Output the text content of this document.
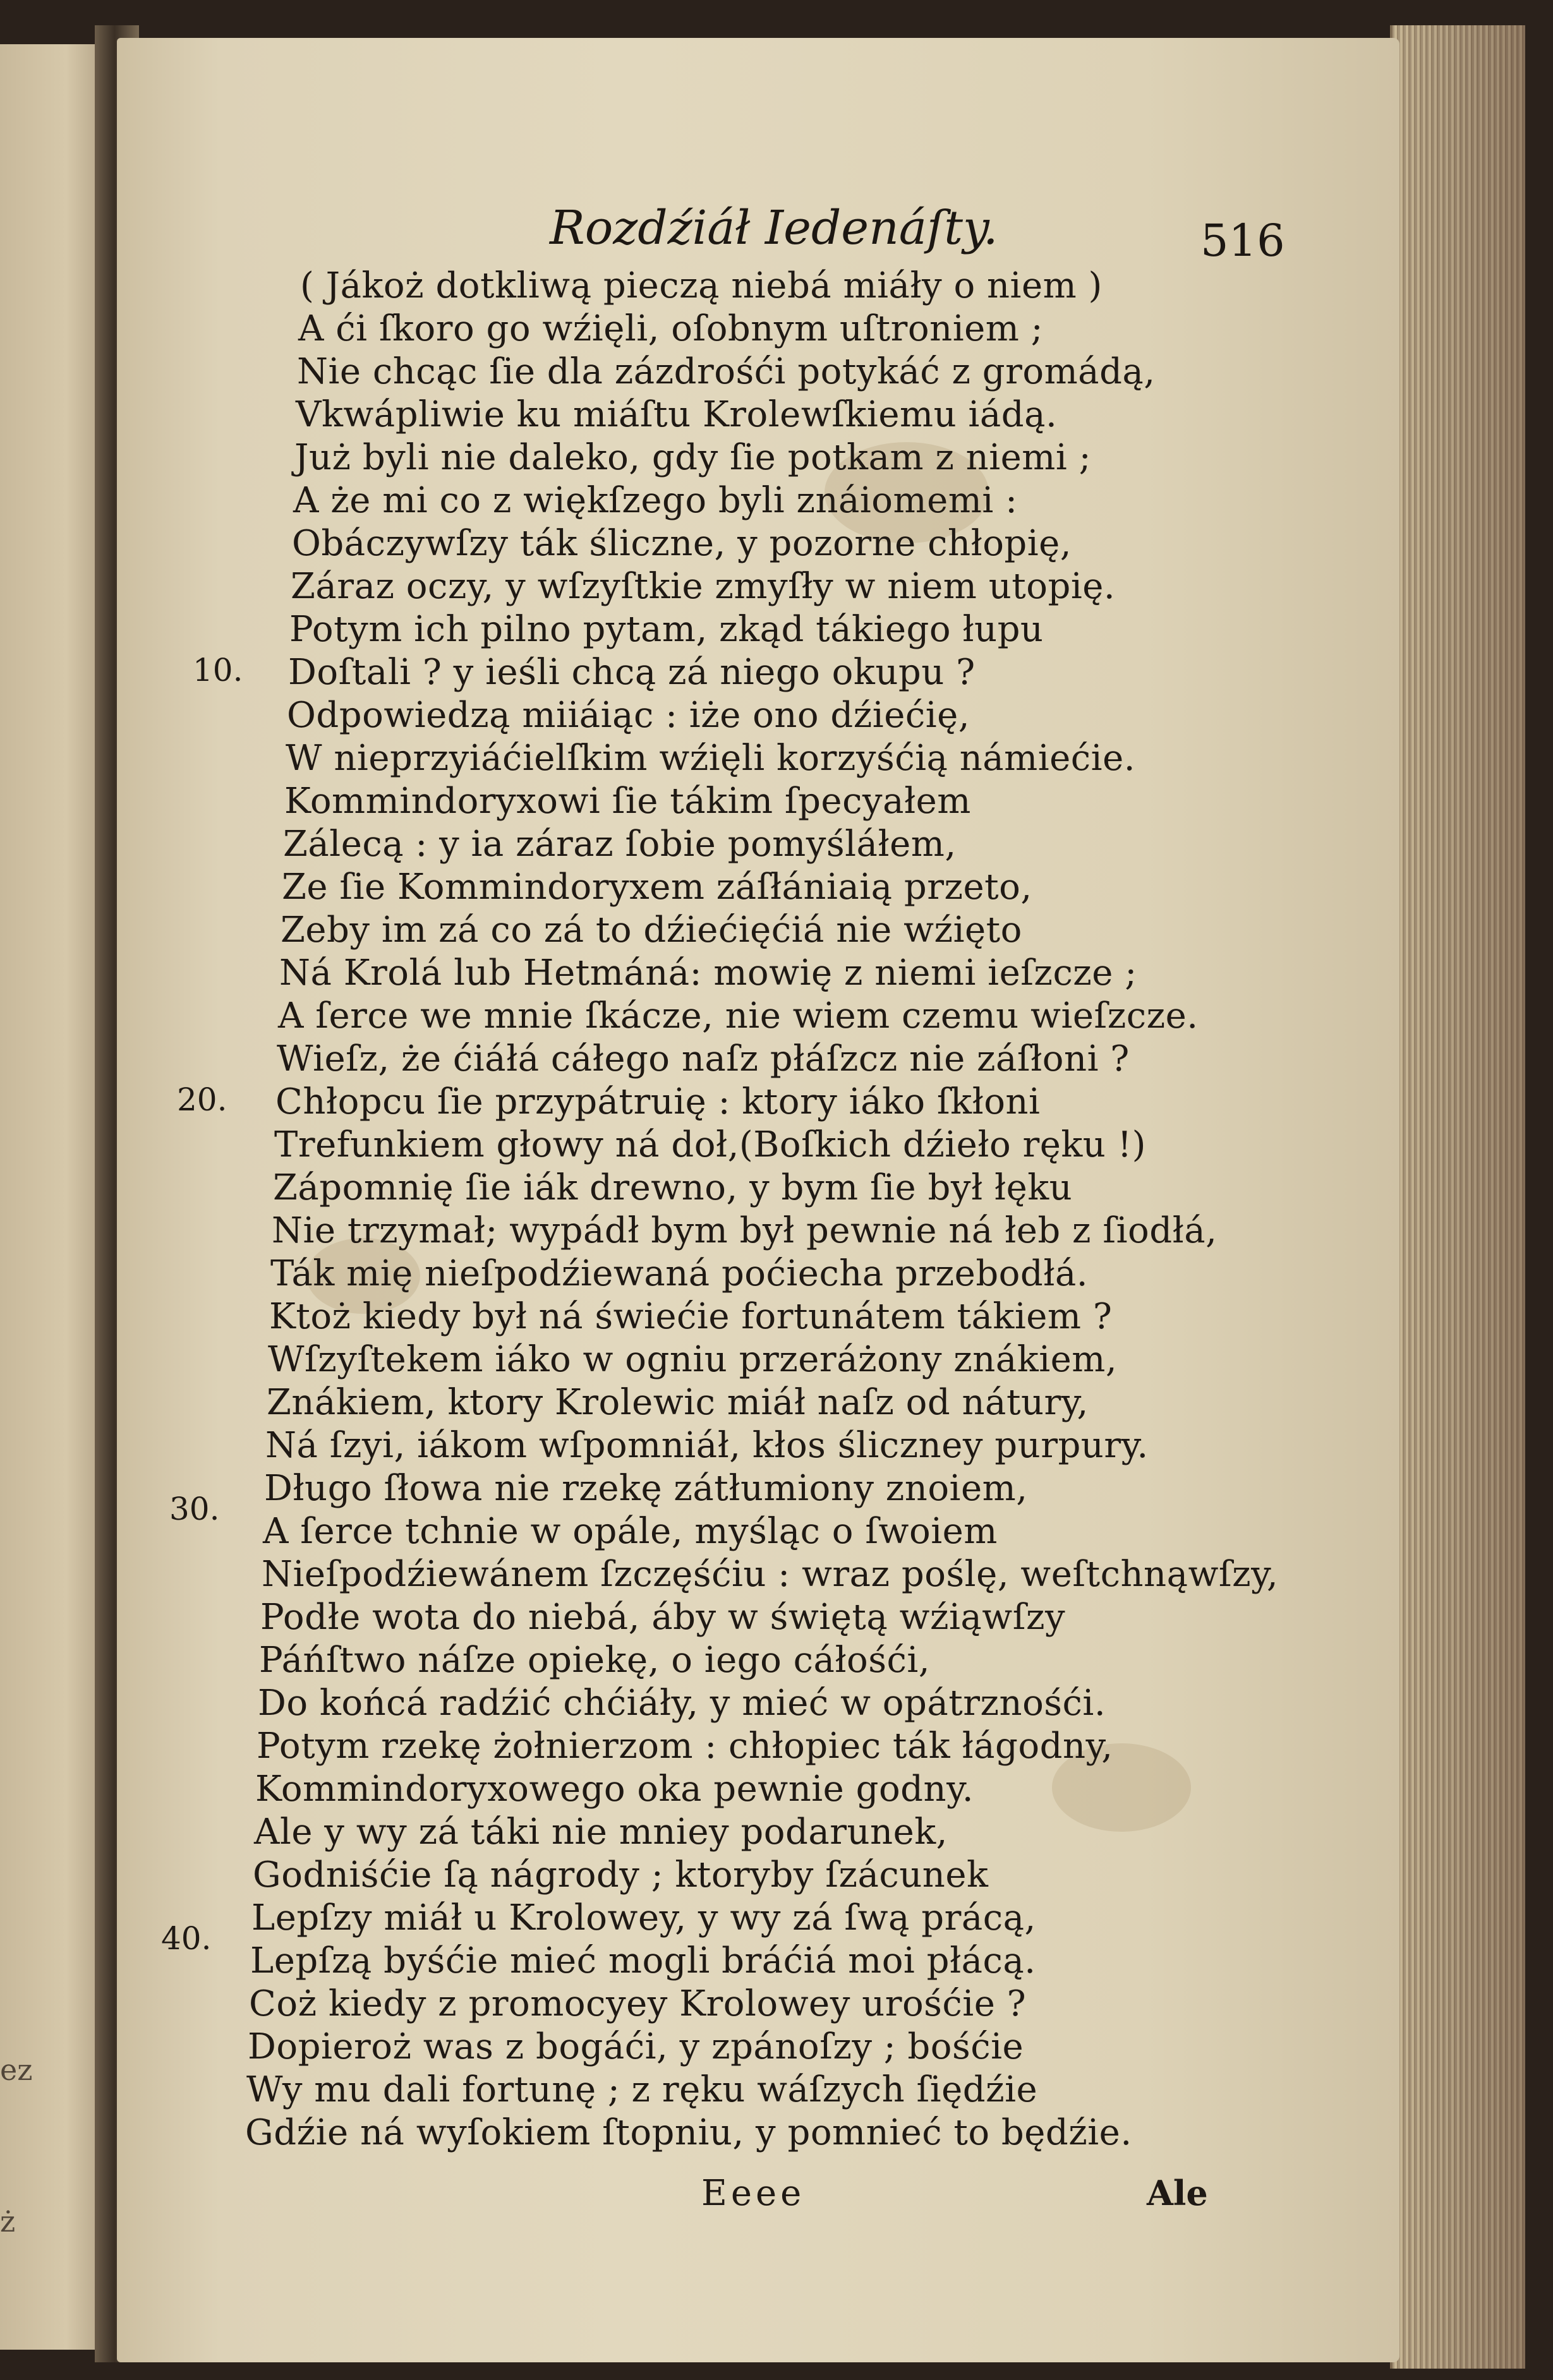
ez
ż
Rozdźiáł Iedenáſty.	516
( Jákoż dotkliwą pieczą niebá miáły o niem )
A ći ſkoro go wźięli, oſobnym uſtroniem ;
Nie chcąc ſie dla zázdrośći potykáć z gromádą,
Vkwápliwie ku miáſtu Krolewſkiemu iádą.
Już byli nie daleko, gdy ſie potkam z niemi ;
A że mi co z więkſzego byli znáiomemi :
Obáczywſzy ták śliczne, y pozorne chłopię,
Záraz oczy, y wſzyſtkie zmyſły w niem utopię.
Potym ich pilno pytam, zkąd tákiego łupu
Doſtali ? y ieśli chcą zá niego okupu ?
Odpowiedzą miiáiąc : iże ono dźiećię,
W nieprzyiáćielſkim wźięli korzyśćią námiećie.
Kommindoryxowi ſie tákim ſpecyałem
Zálecą : y ia záraz ſobie pomyśláłem,
Ze ſie Kommindoryxem záſłániaią przeto,
Zeby im zá co zá to dźiećięćiá nie wźięto
Ná Krolá lub Hetmáná: mowię z niemi ieſzcze ;
A ſerce we mnie ſkácze, nie wiem czemu wieſzcze.
Wieſz, że ćiáłá cáłego naſz płáſzcz nie záſłoni ?
Chłopcu ſie przypátruię : ktory iáko ſkłoni
Trefunkiem głowy ná doł,(Boſkich dźieło ręku !)
Zápomnię ſie iák drewno, y bym ſie był łęku
Nie trzymał; wypádł bym był pewnie ná łeb z ſiodłá,
Ták mię nieſpodźiewaná poćiecha przebodłá.
Ktoż kiedy był ná świećie fortunátem tákiem ?
Wſzyſtekem iáko w ogniu przeráżony znákiem,
Znákiem, ktory Krolewic miáł naſz od nátury,
Ná ſzyi, iákom wſpomniáł, kłos śliczney purpury.
Długo ſłowa nie rzekę zátłumiony znoiem,
A ſerce tchnie w opále, myśląc o ſwoiem
Nieſpodźiewánem ſzczęśćiu : wraz poślę, weſtchnąwſzy,
Podłe wota do niebá, áby w świętą wźiąwſzy
Páńſtwo náſze opiekę, o iego cáłośći,
Do końcá radźić chćiáły, y mieć w opátrznośći.
Potym rzekę żołnierzom : chłopiec ták łágodny,
Kommindoryxowego oka pewnie godny.
Ale y wy zá táki nie mniey podarunek,
Godniśćie ſą nágrody ; ktoryby ſzácunek
Lepſzy miáł u Krolowey, y wy zá ſwą prácą,
Lepſzą byśćie mieć mogli bráćiá moi płácą.
Coż kiedy z promocyey Krolowey urośćie ?
Dopieroż was z bogáći, y zpánoſzy ; bośćie
Wy mu dali fortunę ; z ręku wáſzych ſiędźie
Gdźie ná wyſokiem ſtopniu, y pomnieć to będźie.
10.
20.
30.
40.
Eeee	Ale
